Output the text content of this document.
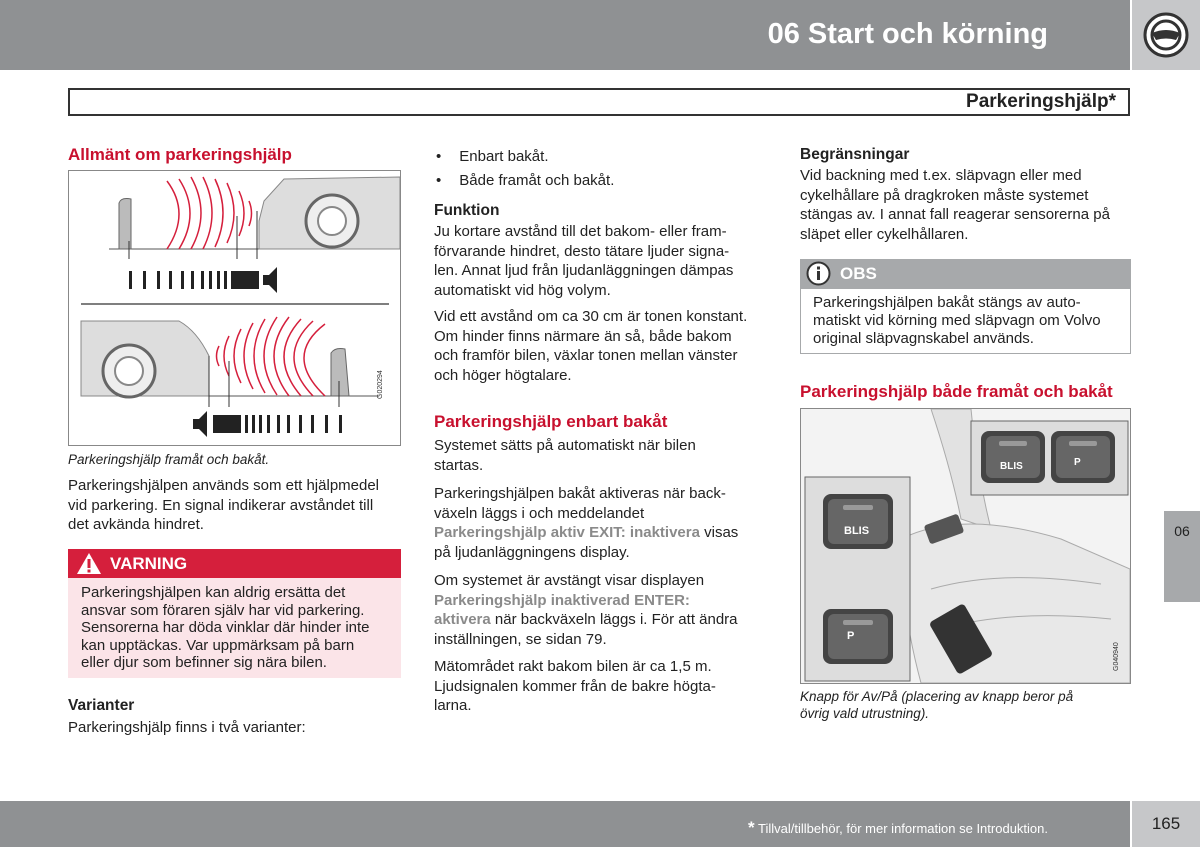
06 Start och körning
Parkeringshjälp*
Allmänt om parkeringshjälp
G020294
Parkeringshjälp framåt och bakåt.
Parkeringshjälpen används som ett hjälpmedel
vid parkering. En signal indikerar avståndet till
det avkända hindret.
VARNING
Parkeringshjälpen kan aldrig ersätta det
ansvar som föraren själv har vid parkering.
Sensorerna har döda vinklar där hinder inte
kan upptäckas. Var uppmärksam på barn
eller djur som befinner sig nära bilen.
Varianter
Parkeringshjälp finns i två varianter:
• Enbart bakåt.
• Både framåt och bakåt.
Funktion
Ju kortare avstånd till det bakom- eller fram-
förvarande hindret, desto tätare ljuder signa-
len. Annat ljud från ljudanläggningen dämpas
automatiskt vid hög volym.
Vid ett avstånd om ca 30 cm är tonen konstant.
Om hinder finns närmare än så, både bakom
och framför bilen, växlar tonen mellan vänster
och höger högtalare.
Parkeringshjälp enbart bakåt
Systemet sätts på automatiskt när bilen
startas.
Parkeringshjälpen bakåt aktiveras när back-
växeln läggs i och meddelandet
Parkeringshjälp aktiv EXIT: inaktivera visas
på ljudanläggningens display.
Om systemet är avstängt visar displayen
Parkeringshjälp inaktiverad ENTER:
aktivera när backväxeln läggs i. För att ändra
inställningen, se sidan 79.
Mätområdet rakt bakom bilen är ca 1,5 m.
Ljudsignalen kommer från de bakre högta-
larna.
Begränsningar
Vid backning med t.ex. släpvagn eller med
cykelhållare på dragkroken måste systemet
stängas av. I annat fall reagerar sensorerna på
släpet eller cykelhållaren.
OBS
Parkeringshjälpen bakåt stängs av auto-
matiskt vid körning med släpvagn om Volvo
original släpvagnskabel används.
Parkeringshjälp både framåt och bakåt
BLIS
P
BLIS	P
G040940
Knapp för Av/På (placering av knapp beror på
övrig vald utrustning).
06
* Tillval/tillbehör, för mer information se Introduktion.	165
